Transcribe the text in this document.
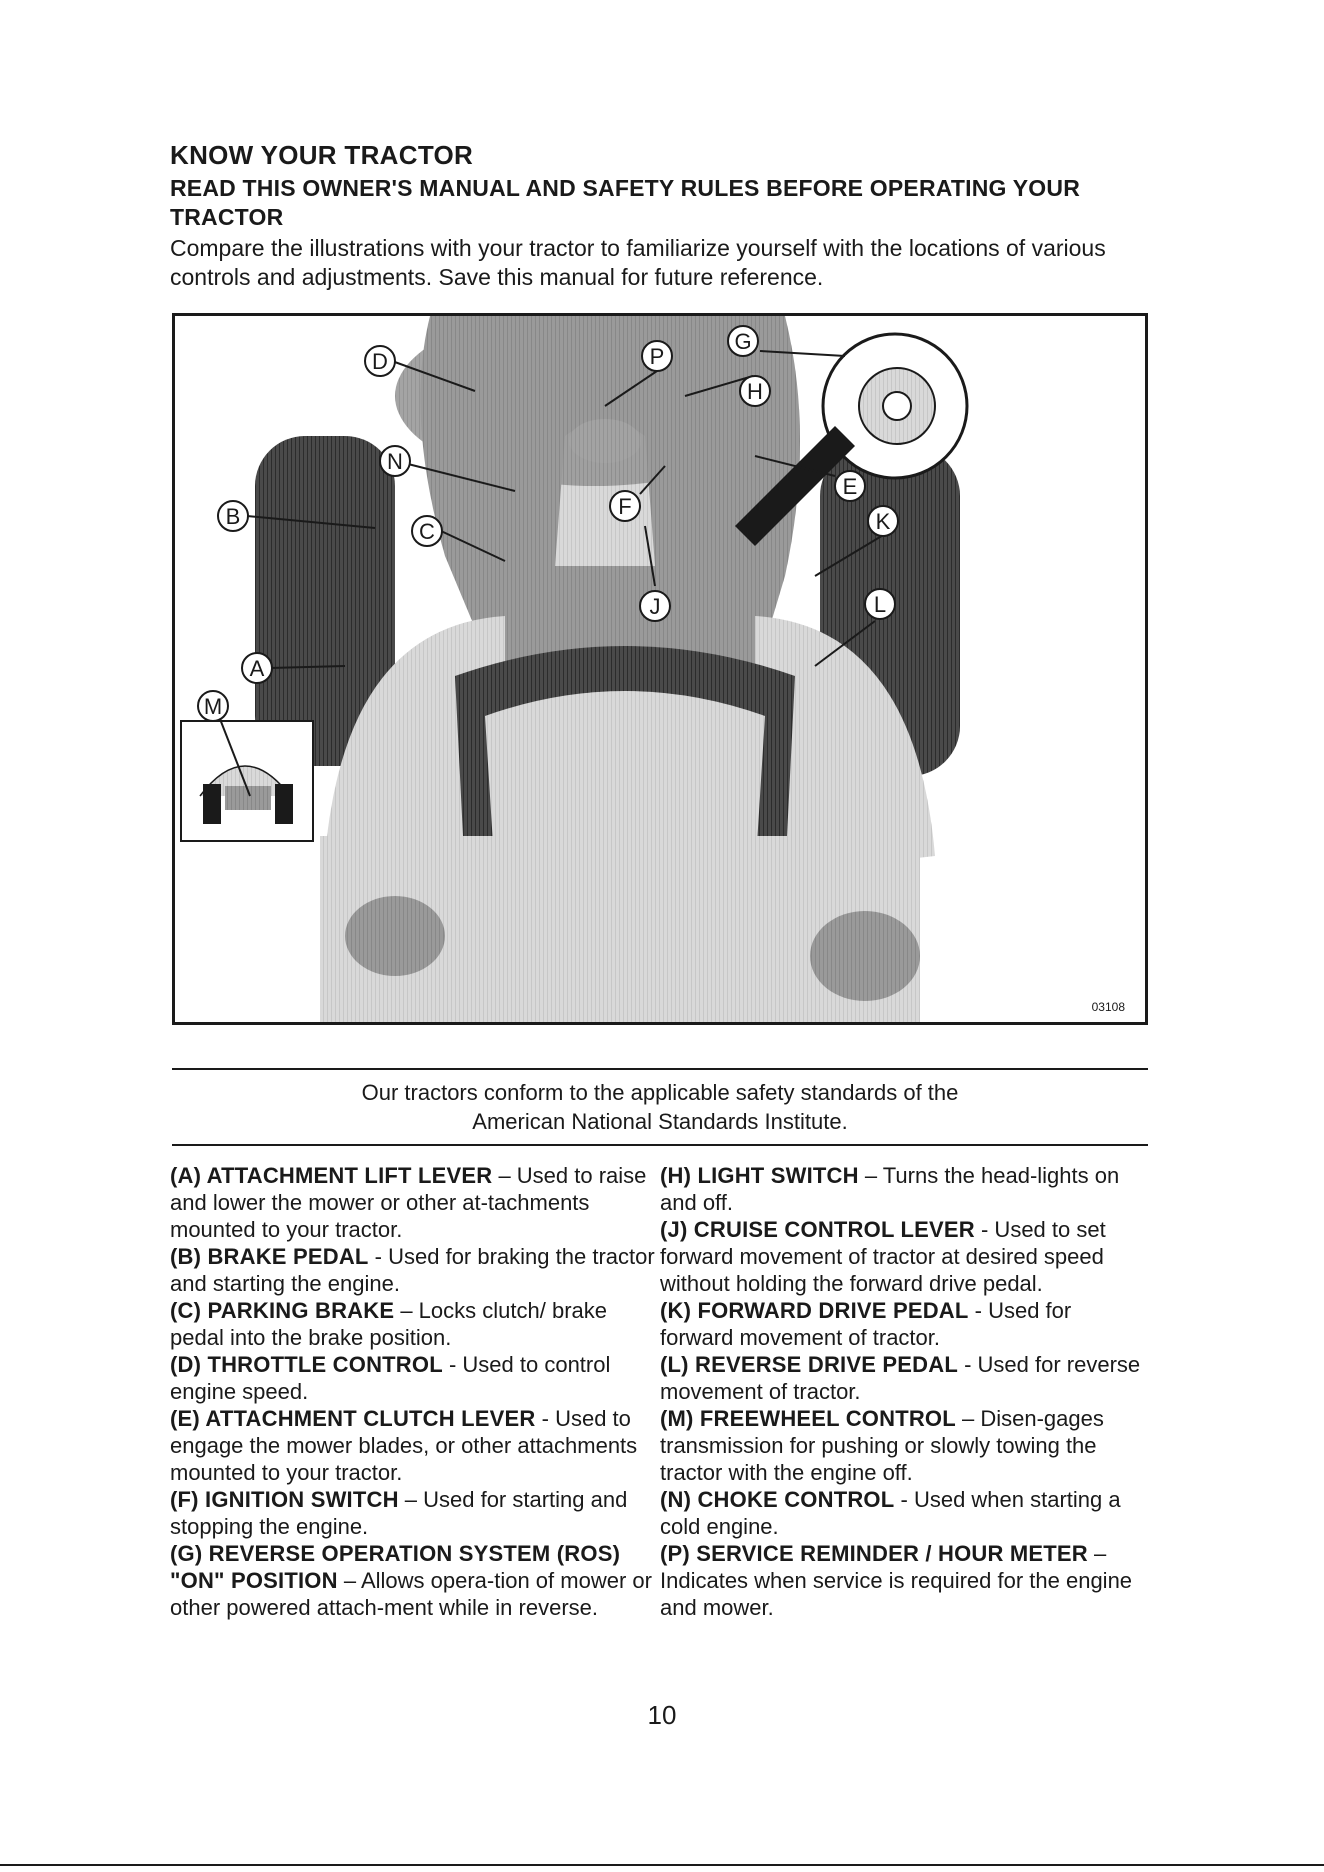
KNOW YOUR TRACTOR
READ THIS OWNER'S MANUAL AND SAFETY RULES BEFORE OPERATING YOUR TRACTOR
Compare the illustrations with your tractor to familiarize yourself with the locations of various controls and adjustments. Save this manual for future reference.
D
N
B
C
A
M
P
G
H
E
F
K
J	L
03108
Our tractors conform to the applicable safety standards of the
American National Standards Institute.
(A) ATTACHMENT LIFT LEVER – Used to raise and lower the mower or other at-tachments mounted to your tractor.
(B) BRAKE PEDAL - Used for braking the tractor and starting the engine.
(C) PARKING BRAKE – Locks clutch/ brake pedal into the brake position.
(D) THROTTLE CONTROL - Used to control engine speed.
(E) ATTACHMENT CLUTCH LEVER - Used to engage the mower blades, or other attachments mounted to your tractor.
(F) IGNITION SWITCH – Used for starting and stopping the engine.
(G) REVERSE OPERATION SYSTEM (ROS) "ON" POSITION – Allows opera-tion of mower or other powered attach-ment while in reverse.
(H) LIGHT SWITCH – Turns the head-lights on and off.
(J) CRUISE CONTROL LEVER - Used to set forward movement of tractor at desired speed without holding the forward drive pedal.
(K) FORWARD DRIVE PEDAL - Used for forward movement of tractor.
(L) REVERSE DRIVE PEDAL - Used for reverse movement of tractor.
(M) FREEWHEEL CONTROL – Disen-gages transmission for pushing or slowly towing the tractor with the engine off.
(N) CHOKE CONTROL - Used when starting a cold engine.
(P) SERVICE REMINDER / HOUR METER – Indicates when service is required for the engine and mower.
10
